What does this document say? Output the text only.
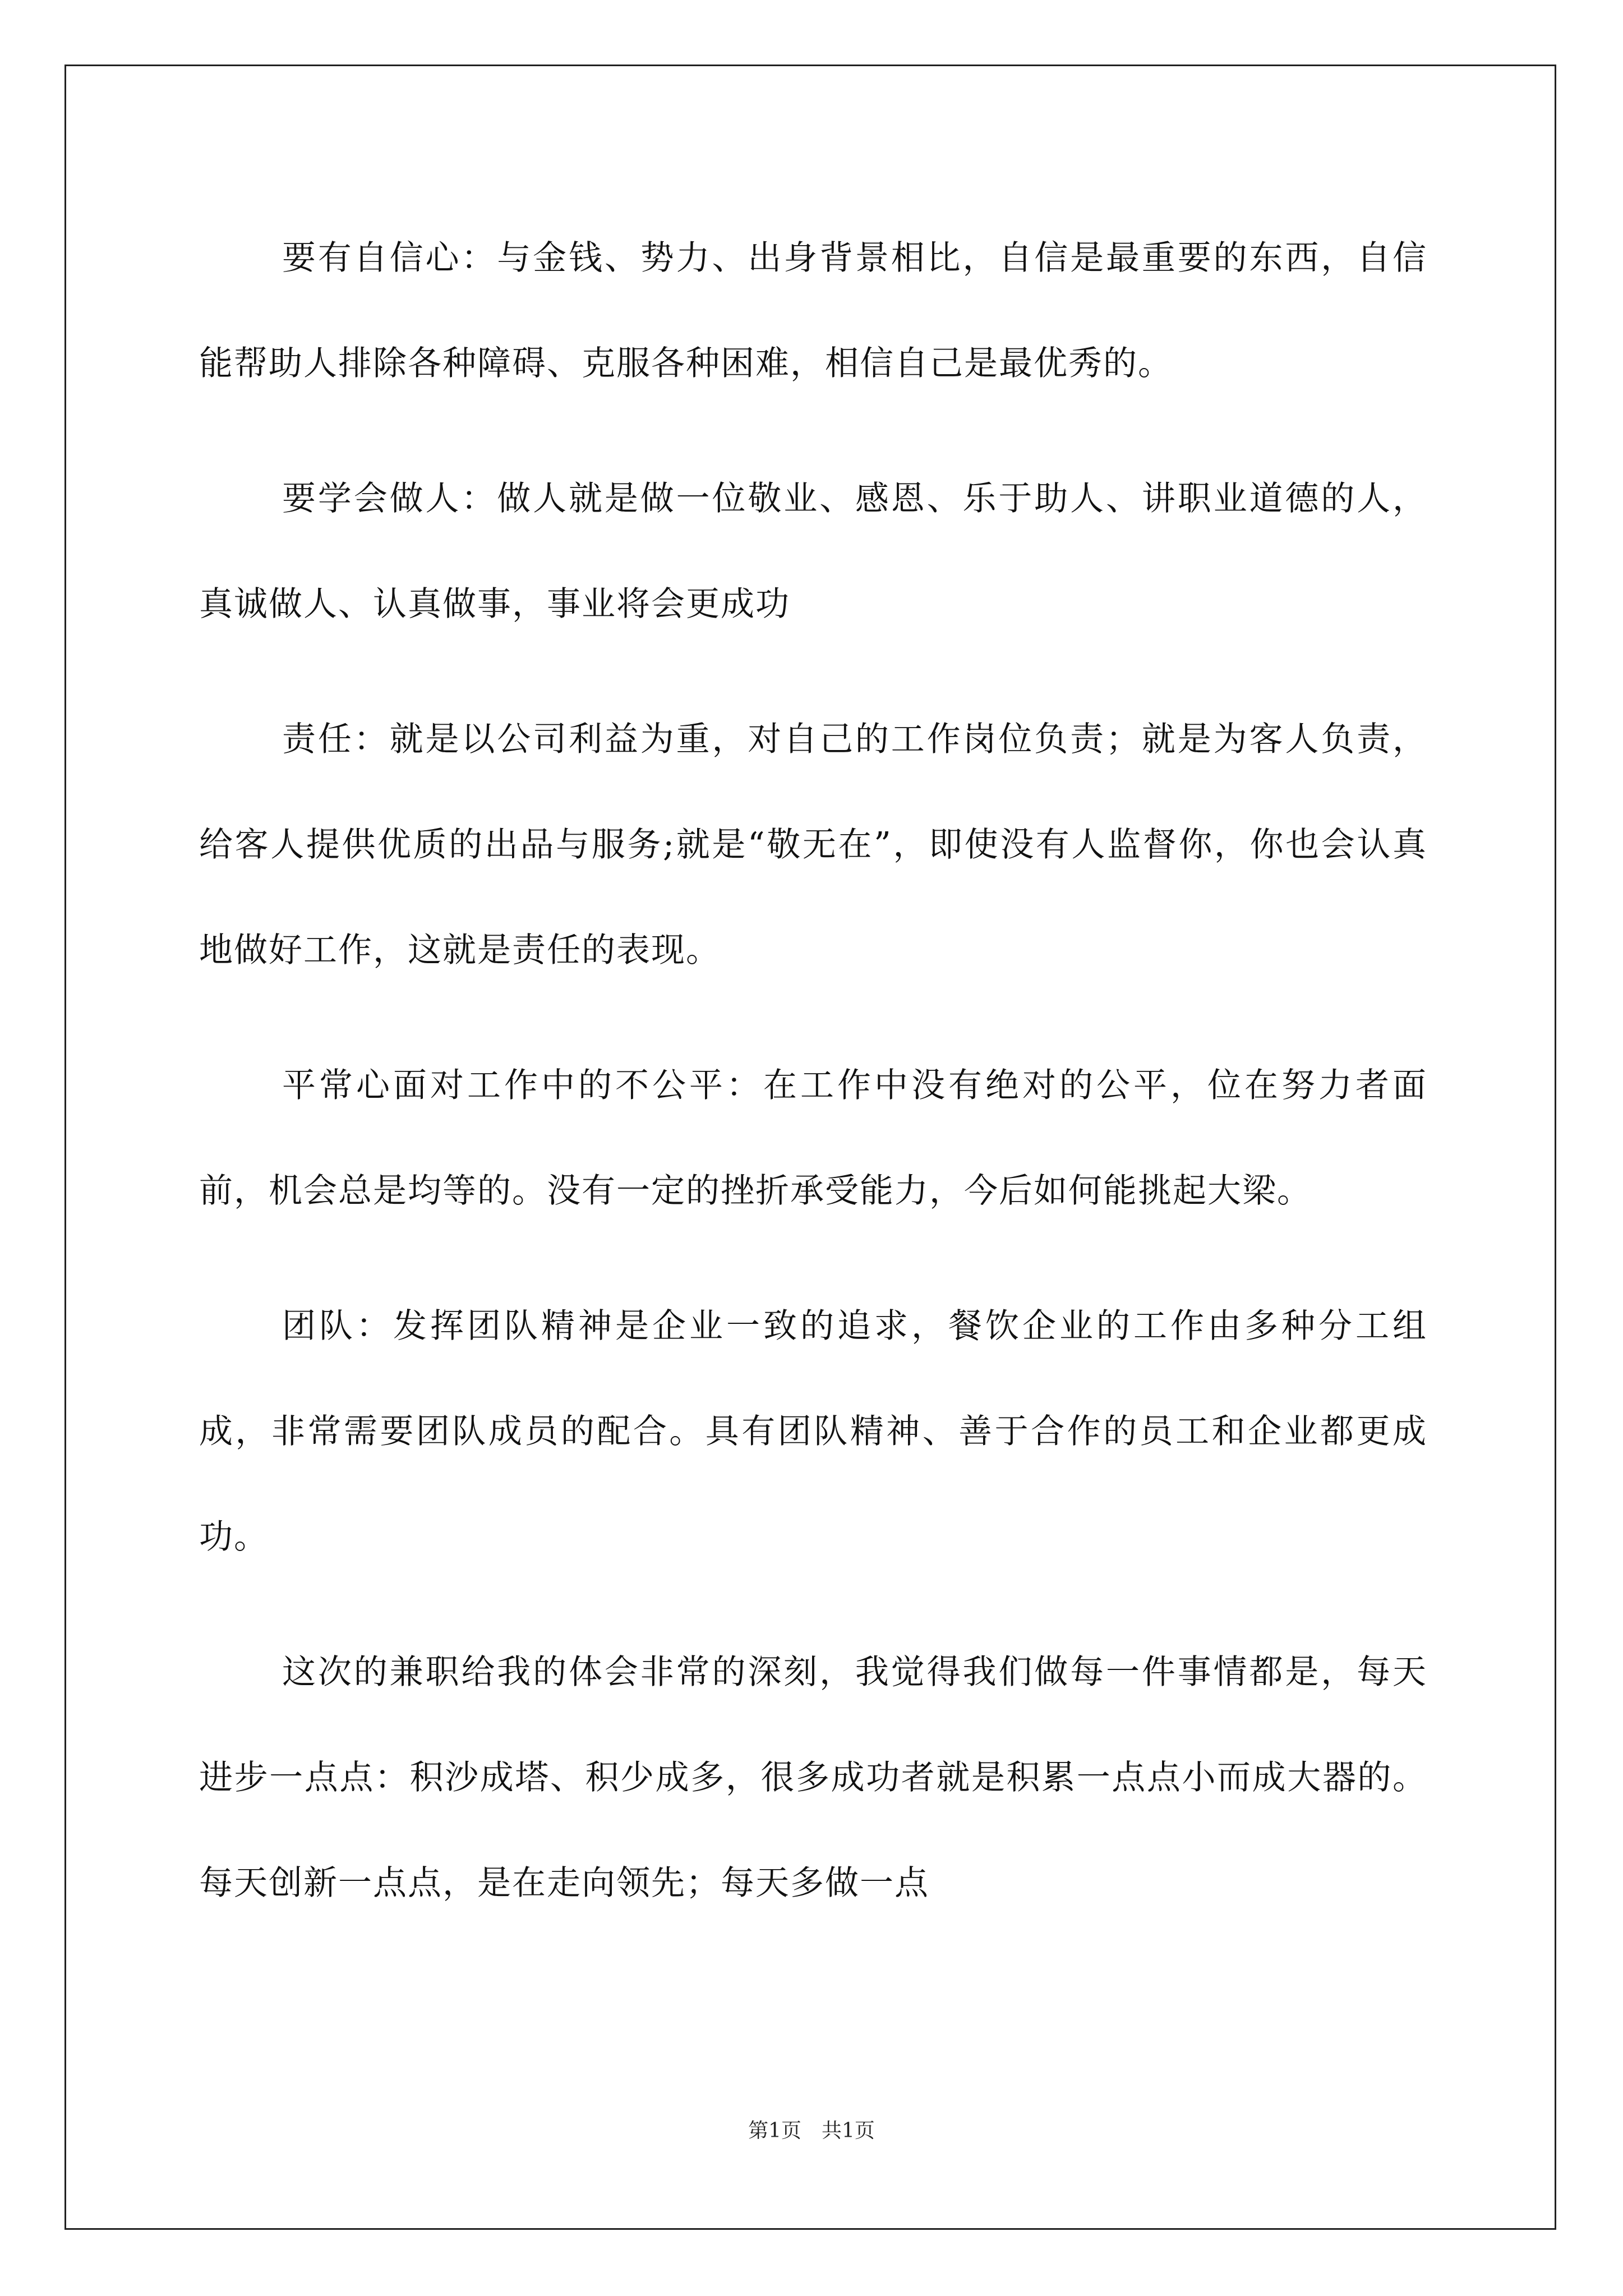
要有自信心：与金钱、势力、出身背景相比，自信是最重要的东西，自信能帮助人排除各种障碍、克服各种困难，相信自己是最优秀的。

要学会做人：做人就是做一位敬业、感恩、乐于助人、讲职业道德的人，真诚做人、认真做事，事业将会更成功

责任：就是以公司利益为重，对自己的工作岗位负责；就是为客人负责，给客人提供优质的出品与服务;就是“敬无在”，即使没有人监督你，你也会认真地做好工作，这就是责任的表现。

平常心面对工作中的不公平：在工作中没有绝对的公平，位在努力者面前，机会总是均等的。没有一定的挫折承受能力，今后如何能挑起大梁。

团队：发挥团队精神是企业一致的追求，餐饮企业的工作由多种分工组成，非常需要团队成员的配合。具有团队精神、善于合作的员工和企业都更成功。

这次的兼职给我的体会非常的深刻，我觉得我们做每一件事情都是，每天进步一点点：积沙成塔、积少成多，很多成功者就是积累一点点小而成大器的。每天创新一点点，是在走向领先；每天多做一点

第1页　共1页
